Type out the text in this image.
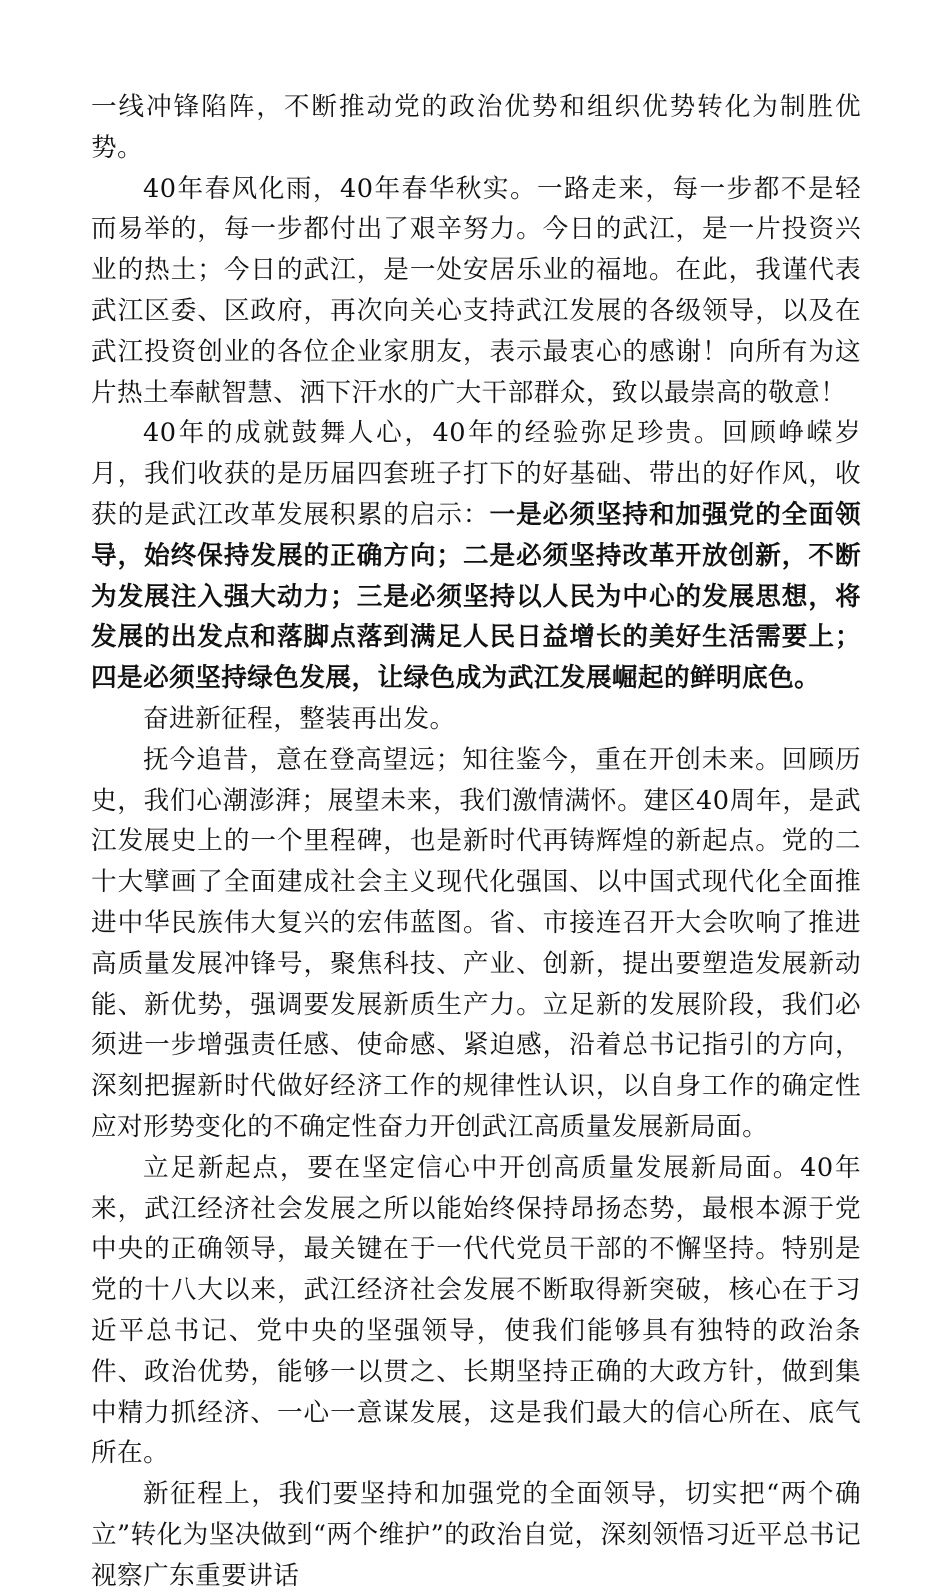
一线冲锋陷阵，不断推动党的政治优势和组织优势转化为制胜优势。

40年春风化雨，40年春华秋实。一路走来，每一步都不是轻而易举的，每一步都付出了艰辛努力。今日的武江，是一片投资兴业的热土；今日的武江，是一处安居乐业的福地。在此，我谨代表武江区委、区政府，再次向关心支持武江发展的各级领导，以及在武江投资创业的各位企业家朋友，表示最衷心的感谢！向所有为这片热土奉献智慧、洒下汗水的广大干部群众，致以最崇高的敬意！

40年的成就鼓舞人心，40年的经验弥足珍贵。回顾峥嵘岁月，我们收获的是历届四套班子打下的好基础、带出的好作风，收获的是武江改革发展积累的启示：一是必须坚持和加强党的全面领导，始终保持发展的正确方向；二是必须坚持改革开放创新，不断为发展注入强大动力；三是必须坚持以人民为中心的发展思想，将发展的出发点和落脚点落到满足人民日益增长的美好生活需要上；四是必须坚持绿色发展，让绿色成为武江发展崛起的鲜明底色。

奋进新征程，整装再出发。

抚今追昔，意在登高望远；知往鉴今，重在开创未来。回顾历史，我们心潮澎湃；展望未来，我们激情满怀。建区40周年，是武江发展史上的一个里程碑，也是新时代再铸辉煌的新起点。党的二十大擘画了全面建成社会主义现代化强国、以中国式现代化全面推进中华民族伟大复兴的宏伟蓝图。省、市接连召开大会吹响了推进高质量发展冲锋号，聚焦科技、产业、创新，提出要塑造发展新动能、新优势，强调要发展新质生产力。立足新的发展阶段，我们必须进一步增强责任感、使命感、紧迫感，沿着总书记指引的方向，深刻把握新时代做好经济工作的规律性认识，以自身工作的确定性应对形势变化的不确定性奋力开创武江高质量发展新局面。

立足新起点，要在坚定信心中开创高质量发展新局面。40年来，武江经济社会发展之所以能始终保持昂扬态势，最根本源于党中央的正确领导，最关键在于一代代党员干部的不懈坚持。特别是党的十八大以来，武江经济社会发展不断取得新突破，核心在于习近平总书记、党中央的坚强领导，使我们能够具有独特的政治条件、政治优势，能够一以贯之、长期坚持正确的大政方针，做到集中精力抓经济、一心一意谋发展，这是我们最大的信心所在、底气所在。

新征程上，我们要坚持和加强党的全面领导，切实把“两个确立”转化为坚决做到“两个维护”的政治自觉，深刻领悟习近平总书记视察广东重要讲话
